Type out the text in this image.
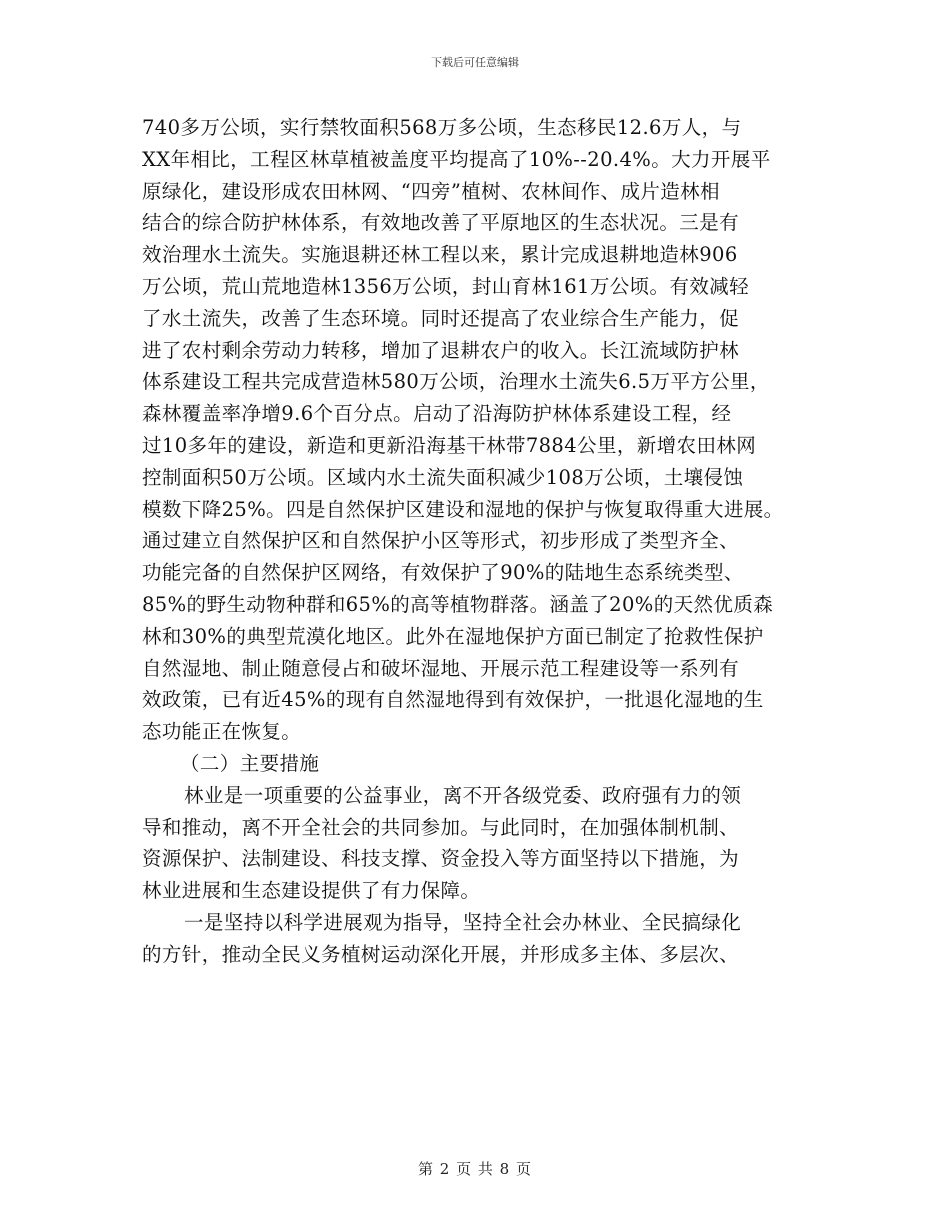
下载后可任意编辑
740多万公顷，实行禁牧面积568万多公顷，生态移民12.6万人，与
XX年相比，工程区林草植被盖度平均提高了10%--20.4%。大力开展平
原绿化，建设形成农田林网、“四旁”植树、农林间作、成片造林相
结合的综合防护林体系，有效地改善了平原地区的生态状况。三是有
效治理水土流失。实施退耕还林工程以来，累计完成退耕地造林906
万公顷，荒山荒地造林1356万公顷，封山育林161万公顷。有效减轻
了水土流失，改善了生态环境。同时还提高了农业综合生产能力，促
进了农村剩余劳动力转移，增加了退耕农户的收入。长江流域防护林
体系建设工程共完成营造林580万公顷，治理水土流失6.5万平方公里，
森林覆盖率净增9.6个百分点。启动了沿海防护林体系建设工程，经
过10多年的建设，新造和更新沿海基干林带7884公里，新增农田林网
控制面积50万公顷。区域内水土流失面积减少108万公顷，土壤侵蚀
模数下降25%。四是自然保护区建设和湿地的保护与恢复取得重大进展。
通过建立自然保护区和自然保护小区等形式，初步形成了类型齐全、
功能完备的自然保护区网络，有效保护了90%的陆地生态系统类型、
85%的野生动物种群和65%的高等植物群落。涵盖了20%的天然优质森
林和30%的典型荒漠化地区。此外在湿地保护方面已制定了抢救性保护
自然湿地、制止随意侵占和破坏湿地、开展示范工程建设等一系列有
效政策，已有近45%的现有自然湿地得到有效保护，一批退化湿地的生
态功能正在恢复。
（二）主要措施
林业是一项重要的公益事业，离不开各级党委、政府强有力的领
导和推动，离不开全社会的共同参加。与此同时，在加强体制机制、
资源保护、法制建设、科技支撑、资金投入等方面坚持以下措施，为
林业进展和生态建设提供了有力保障。
一是坚持以科学进展观为指导，坚持全社会办林业、全民搞绿化
的方针，推动全民义务植树运动深化开展，并形成多主体、多层次、
第 2 页 共 8 页
